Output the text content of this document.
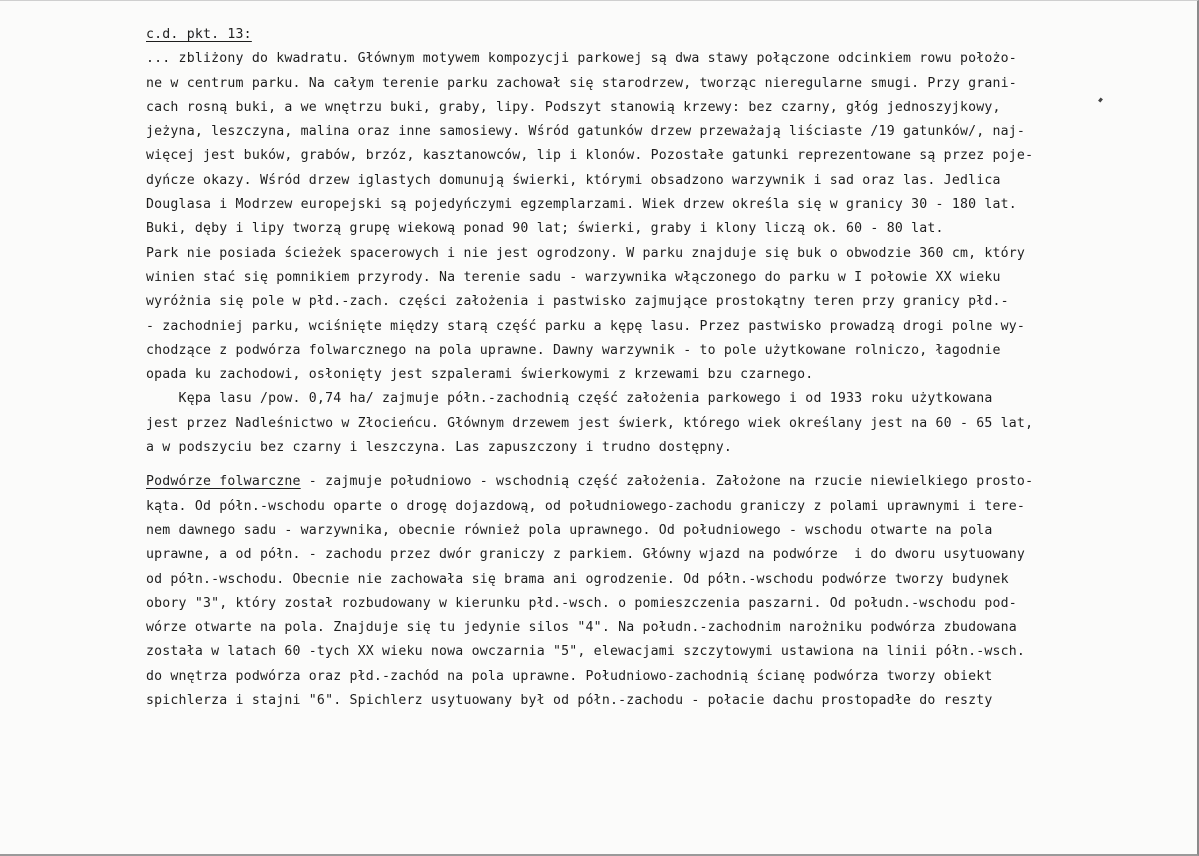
c.d. pkt. 13:
... zbliżony do kwadratu. Głównym motywem kompozycji parkowej są dwa stawy połączone odcinkiem rowu położo-
ne w centrum parku. Na całym terenie parku zachował się starodrzew, tworząc nieregularne smugi. Przy grani-
cach rosną buki, a we wnętrzu buki, graby, lipy. Podszyt stanowią krzewy: bez czarny, głóg jednoszyjkowy,
jeżyna, leszczyna, malina oraz inne samosiewy. Wśród gatunków drzew przeważają liściaste /19 gatunków/, naj-
więcej jest buków, grabów, brzóz, kasztanowców, lip i klonów. Pozostałe gatunki reprezentowane są przez poje-
dyńcze okazy. Wśród drzew iglastych domunują świerki, którymi obsadzono warzywnik i sad oraz las. Jedlica
Douglasa i Modrzew europejski są pojedyńczymi egzemplarzami. Wiek drzew określa się w granicy 30 - 180 lat.
Buki, dęby i lipy tworzą grupę wiekową ponad 90 lat; świerki, graby i klony liczą ok. 60 - 80 lat.
Park nie posiada ścieżek spacerowych i nie jest ogrodzony. W parku znajduje się buk o obwodzie 360 cm, który
winien stać się pomnikiem przyrody. Na terenie sadu - warzywnika włączonego do parku w I połowie XX wieku
wyróżnia się pole w płd.-zach. części założenia i pastwisko zajmujące prostokątny teren przy granicy płd.-
- zachodniej parku, wciśnięte między starą część parku a kępę lasu. Przez pastwisko prowadzą drogi polne wy-
chodzące z podwórza folwarcznego na pola uprawne. Dawny warzywnik - to pole użytkowane rolniczo, łagodnie
opada ku zachodowi, osłonięty jest szpalerami świerkowymi z krzewami bzu czarnego.
Kępa lasu /pow. 0,74 ha/ zajmuje półn.-zachodnią część założenia parkowego i od 1933 roku użytkowana
jest przez Nadleśnictwo w Złocieńcu. Głównym drzewem jest świerk, którego wiek określany jest na 60 - 65 lat,
a w podszyciu bez czarny i leszczyna. Las zapuszczony i trudno dostępny.
Podwórze folwarczne - zajmuje południowo - wschodnią część założenia. Założone na rzucie niewielkiego prosto-
kąta. Od półn.-wschodu oparte o drogę dojazdową, od południowego-zachodu graniczy z polami uprawnymi i tere-
nem dawnego sadu - warzywnika, obecnie również pola uprawnego. Od południowego - wschodu otwarte na pola
uprawne, a od półn. - zachodu przez dwór graniczy z parkiem. Główny wjazd na podwórze  i do dworu usytuowany
od półn.-wschodu. Obecnie nie zachowała się brama ani ogrodzenie. Od półn.-wschodu podwórze tworzy budynek
obory "3", który został rozbudowany w kierunku płd.-wsch. o pomieszczenia paszarni. Od połudn.-wschodu pod-
wórze otwarte na pola. Znajduje się tu jedynie silos "4". Na połudn.-zachodnim narożniku podwórza zbudowana
została w latach 60 -tych XX wieku nowa owczarnia "5", elewacjami szczytowymi ustawiona na linii półn.-wsch.
do wnętrza podwórza oraz płd.-zachód na pola uprawne. Południowo-zachodnią ścianę podwórza tworzy obiekt
spichlerza i stajni "6". Spichlerz usytuowany był od półn.-zachodu - połacie dachu prostopadłe do reszty
